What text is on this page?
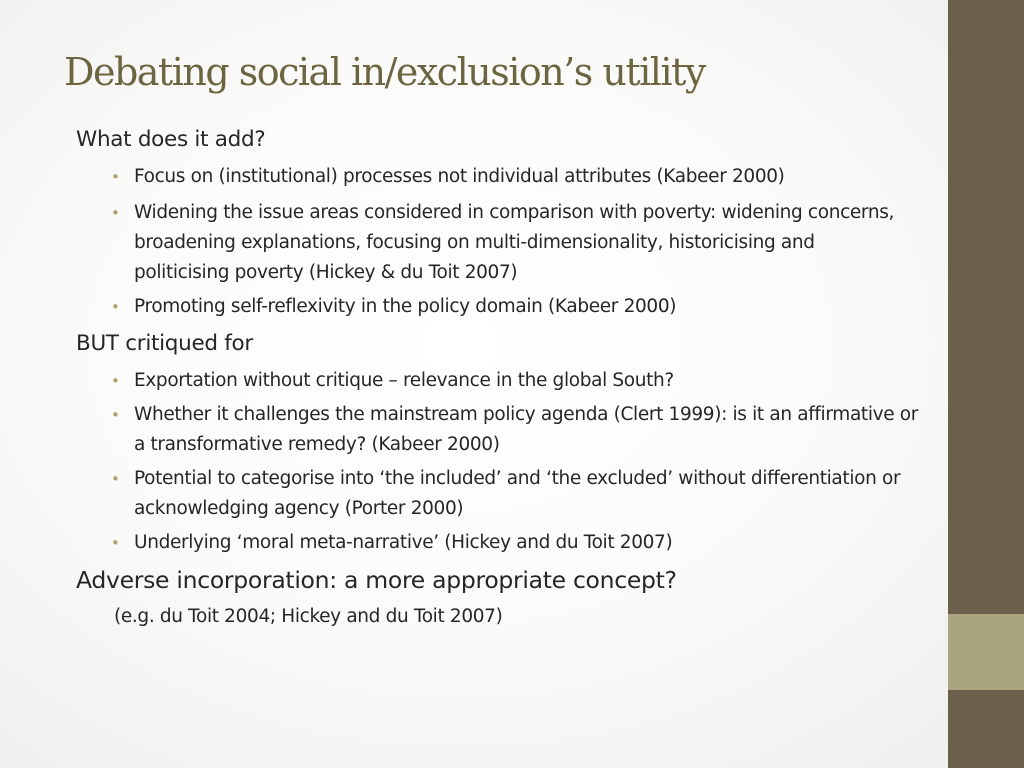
Debating social in/exclusion’s utility
What does it add?
• Focus on (institutional) processes not individual attributes (Kabeer 2000)
• Widening the issue areas considered in comparison with poverty: widening concerns, broadening explanations, focusing on multi-dimensionality, historicising and politicising poverty (Hickey & du Toit 2007)
• Promoting self-reflexivity in the policy domain (Kabeer 2000)
BUT critiqued for
• Exportation without critique – relevance in the global South?
• Whether it challenges the mainstream policy agenda (Clert 1999): is it an affirmative or a transformative remedy? (Kabeer 2000)
• Potential to categorise into ‘the included’ and ‘the excluded’ without differentiation or acknowledging agency (Porter 2000)
• Underlying ‘moral meta-narrative’ (Hickey and du Toit 2007)
Adverse incorporation: a more appropriate concept?
(e.g. du Toit 2004; Hickey and du Toit 2007)
